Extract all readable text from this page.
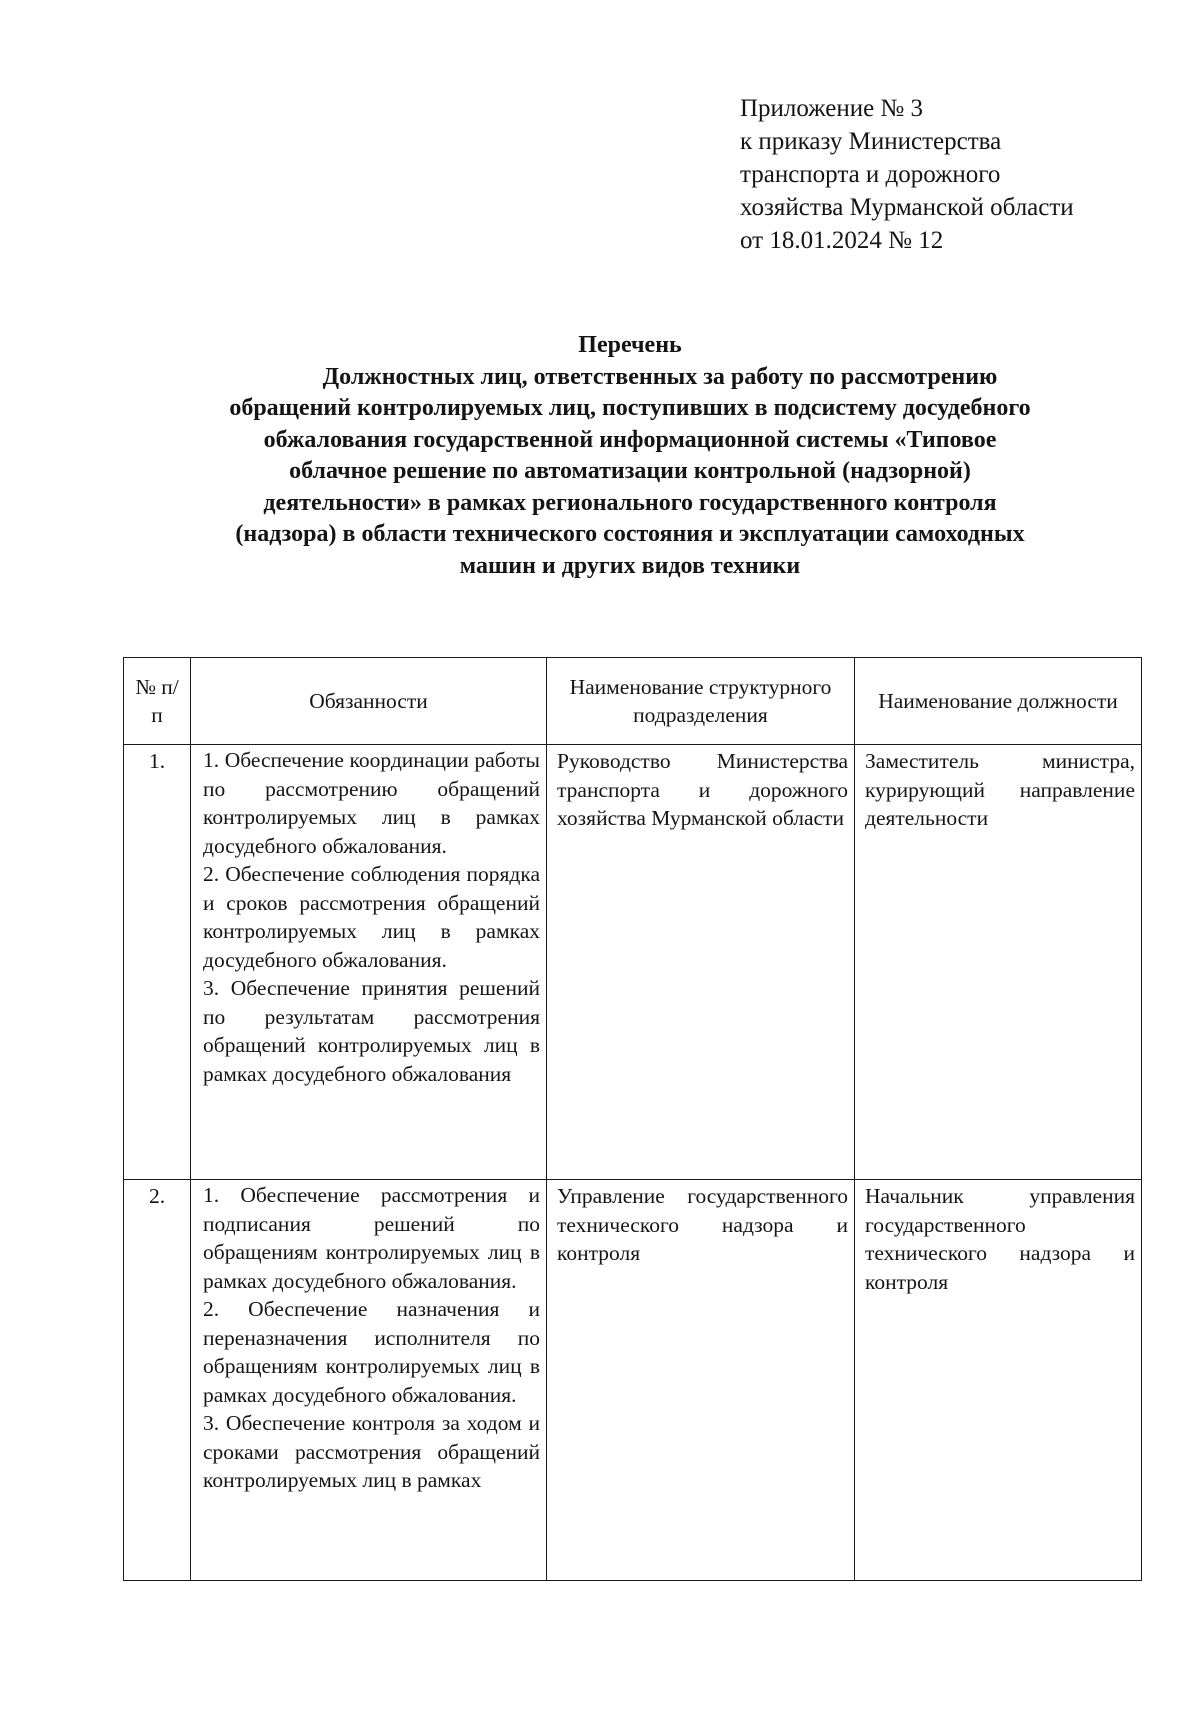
Приложение № 3
к приказу Министерства
транспорта и дорожного
хозяйства Мурманской области
от 18.01.2024 № 12
Перечень
Должностных лиц, ответственных за работу по рассмотрению
обращений контролируемых лиц, поступивших в подсистему досудебного
обжалования государственной информационной системы «Типовое
облачное решение по автоматизации контрольной (надзорной)
деятельности» в рамках регионального государственного контроля
(надзора) в области технического состояния и эксплуатации самоходных
машин и других видов техники
№ п/п	Обязанности	Наименование структурного подразделения	Наименование должности
1.	1. Обеспечение координации работы по рассмотрению обращений контролируемых лиц в рамках досудебного обжалования.
2. Обеспечение соблюдения порядка и сроков рассмотрения обращений контролируемых лиц в рамках досудебного обжалования.
3. Обеспечение принятия решений по результатам рассмотрения обращений контролируемых лиц в рамках досудебного обжалования	Руководство Министерства транспорта и дорожного хозяйства Мурманской области	Заместитель министра, курирующий направление деятельности
2.	1. Обеспечение рассмотрения и подписания решений по обращениям контролируемых лиц в рамках досудебного обжалования.
2. Обеспечение назначения и переназначения исполнителя по обращениям контролируемых лиц в рамках досудебного обжалования.
3. Обеспечение контроля за ходом и сроками рассмотрения обращений контролируемых лиц в рамках	Управление государственного технического надзора и контроля	Начальник управления государственного технического надзора и контроля
